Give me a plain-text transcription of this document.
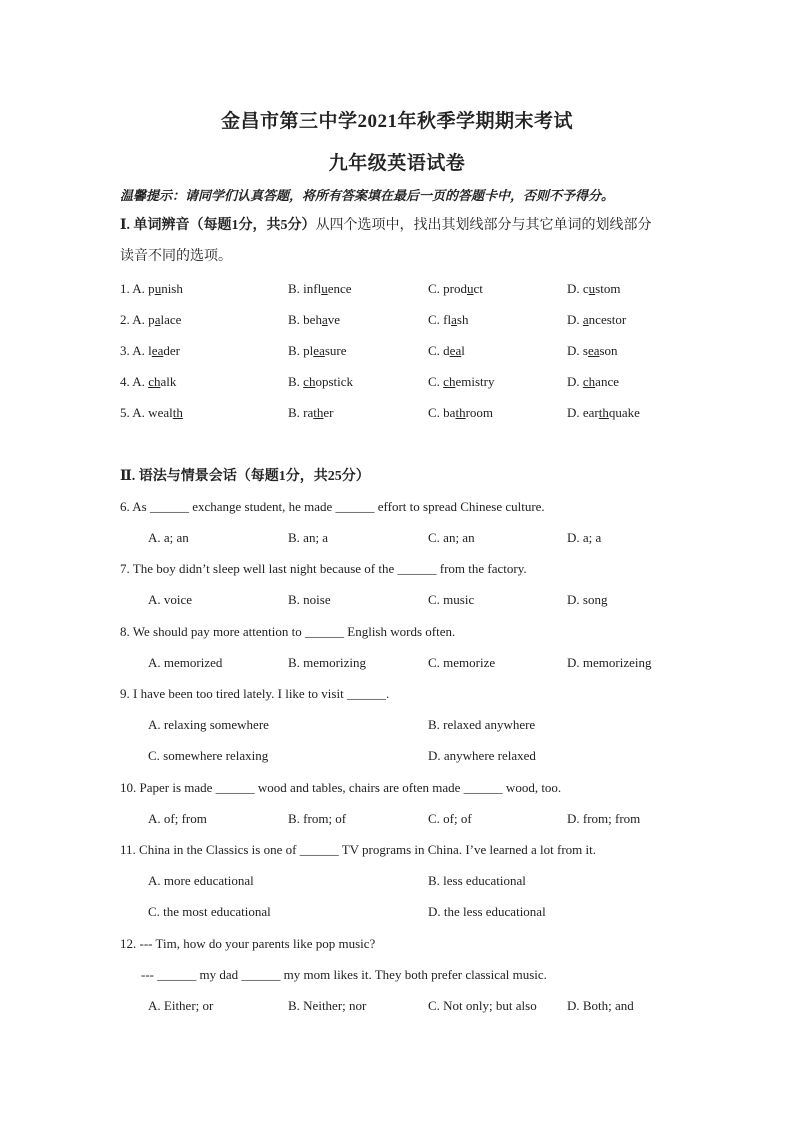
金昌市第三中学2021年秋季学期期末考试
九年级英语试卷
温馨提示：请同学们认真答题，将所有答案填在最后一页的答题卡中，否则不予得分。
Ⅰ. 单词辨音（每题1分，共5分）从四个选项中，找出其划线部分与其它单词的划线部分
读音不同的选项。
1. A. punish	B. influence	C. product	D. custom
2. A. palace	B. behave	C. flash	D. ancestor
3. A. leader	B. pleasure	C. deal	D. season
4. A. chalk	B. chopstick	C. chemistry	D. chance
5. A. wealth	B. rather	C. bathroom	D. earthquake
Ⅱ. 语法与情景会话（每题1分，共25分）
6. As ______ exchange student, he made ______ effort to spread Chinese culture.
A. a; an	B. an; a	C. an; an	D. a; a
7. The boy didn’t sleep well last night because of the ______ from the factory.
A. voice	B. noise	C. music	D. song
8. We should pay more attention to ______ English words often.
A. memorized	B. memorizing	C. memorize	D. memorizeing
9. I have been too tired lately. I like to visit ______.
A. relaxing somewhere	B. relaxed anywhere
C. somewhere relaxing	D. anywhere relaxed
10. Paper is made ______ wood and tables, chairs are often made ______ wood, too.
A. of; from	B. from; of	C. of; of	D. from; from
11. China in the Classics is one of ______ TV programs in China. I’ve learned a lot from it.
A. more educational	B. less educational
C. the most educational	D. the less educational
12. --- Tim, how do your parents like pop music?
--- ______ my dad ______ my mom likes it. They both prefer classical music.
A. Either; or	B. Neither; nor	C. Not only; but also D. Both; and
